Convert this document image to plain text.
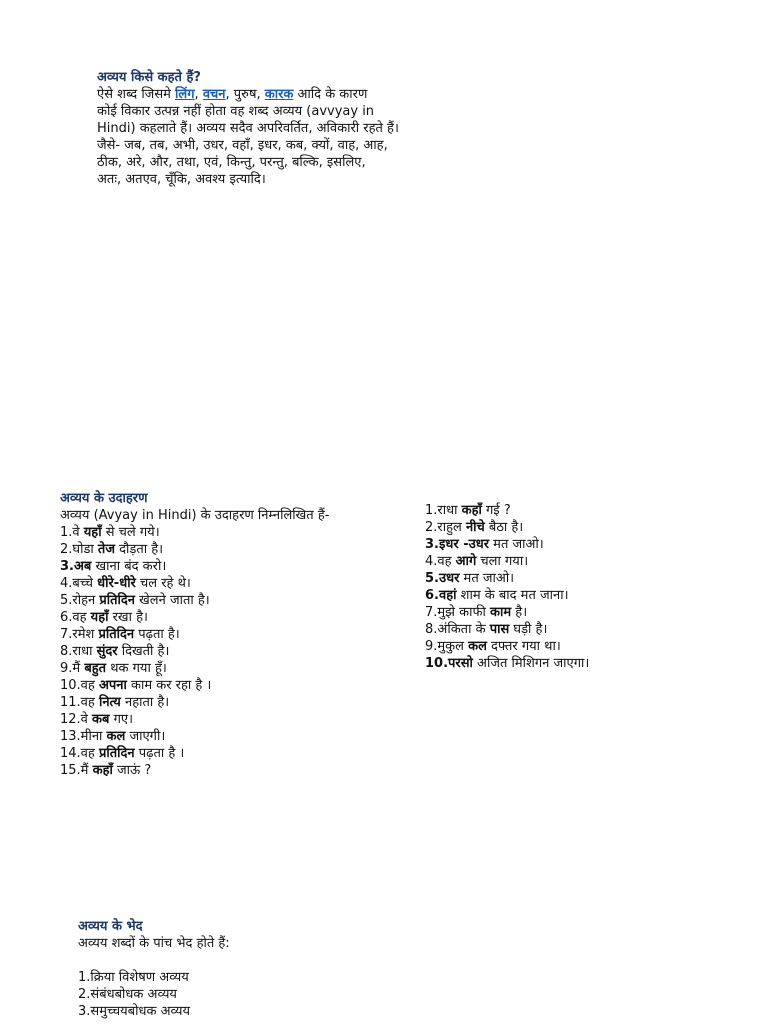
अव्यय किसे कहते हैं?
ऐसे शब्द जिसमे लिंग, वचन, पुरुष, कारक आदि के कारण
कोई विकार उत्पन्न नहीं होता वह शब्द अव्यय (avvyay in
Hindi) कहलाते हैं। अव्यय सदैव अपरिवर्तित, अविकारी रहते हैं।
जैसे- जब, तब, अभी, उधर, वहाँ, इधर, कब, क्यों, वाह, आह,
ठीक, अरे, और, तथा, एवं, किन्तु, परन्तु, बल्कि, इसलिए,
अतः, अतएव, चूँकि, अवश्य इत्यादि।
अव्यय के उदाहरण
अव्यय (Avyay in Hindi) के उदाहरण निम्नलिखित हैं-
1.वे यहाँ से चले गये।
2.घोडा तेज दौड़ता है।
3.अब खाना बंद करो।
4.बच्चे धीरे-धीरे चल रहे थे।
5.रोहन प्रतिदिन खेलने जाता है।
6.वह यहाँ रखा है।
7.रमेश प्रतिदिन पढ़ता है।
8.राधा सुंदर दिखती है।
9.मैं बहुत थक गया हूँ।
10.वह अपना काम कर रहा है ।
11.वह नित्य नहाता है।
12.वे कब गए।
13.मीना कल जाएगी।
14.वह प्रतिदिन पढ़ता है ।
15.मैं कहाँ जाऊं ?
1.राधा कहाँ गई ?
2.राहुल नीचे बैठा है।
3.इधर -उधर मत जाओ।
4.वह आगे चला गया।
5.उधर मत जाओ।
6.वहां शाम के बाद मत जाना।
7.मुझे काफी काम है।
8.अंकिता के पास घड़ी है।
9.मुकुल कल दफ्तर गया था।
10.परसो अजित मिशिगन जाएगा।
अव्यय के भेद
अव्यय शब्दों के पांच भेद होते हैं:
1.क्रिया विशेषण अव्यय
2.संबंधबोधक अव्यय
3.समुच्चयबोधक अव्यय
